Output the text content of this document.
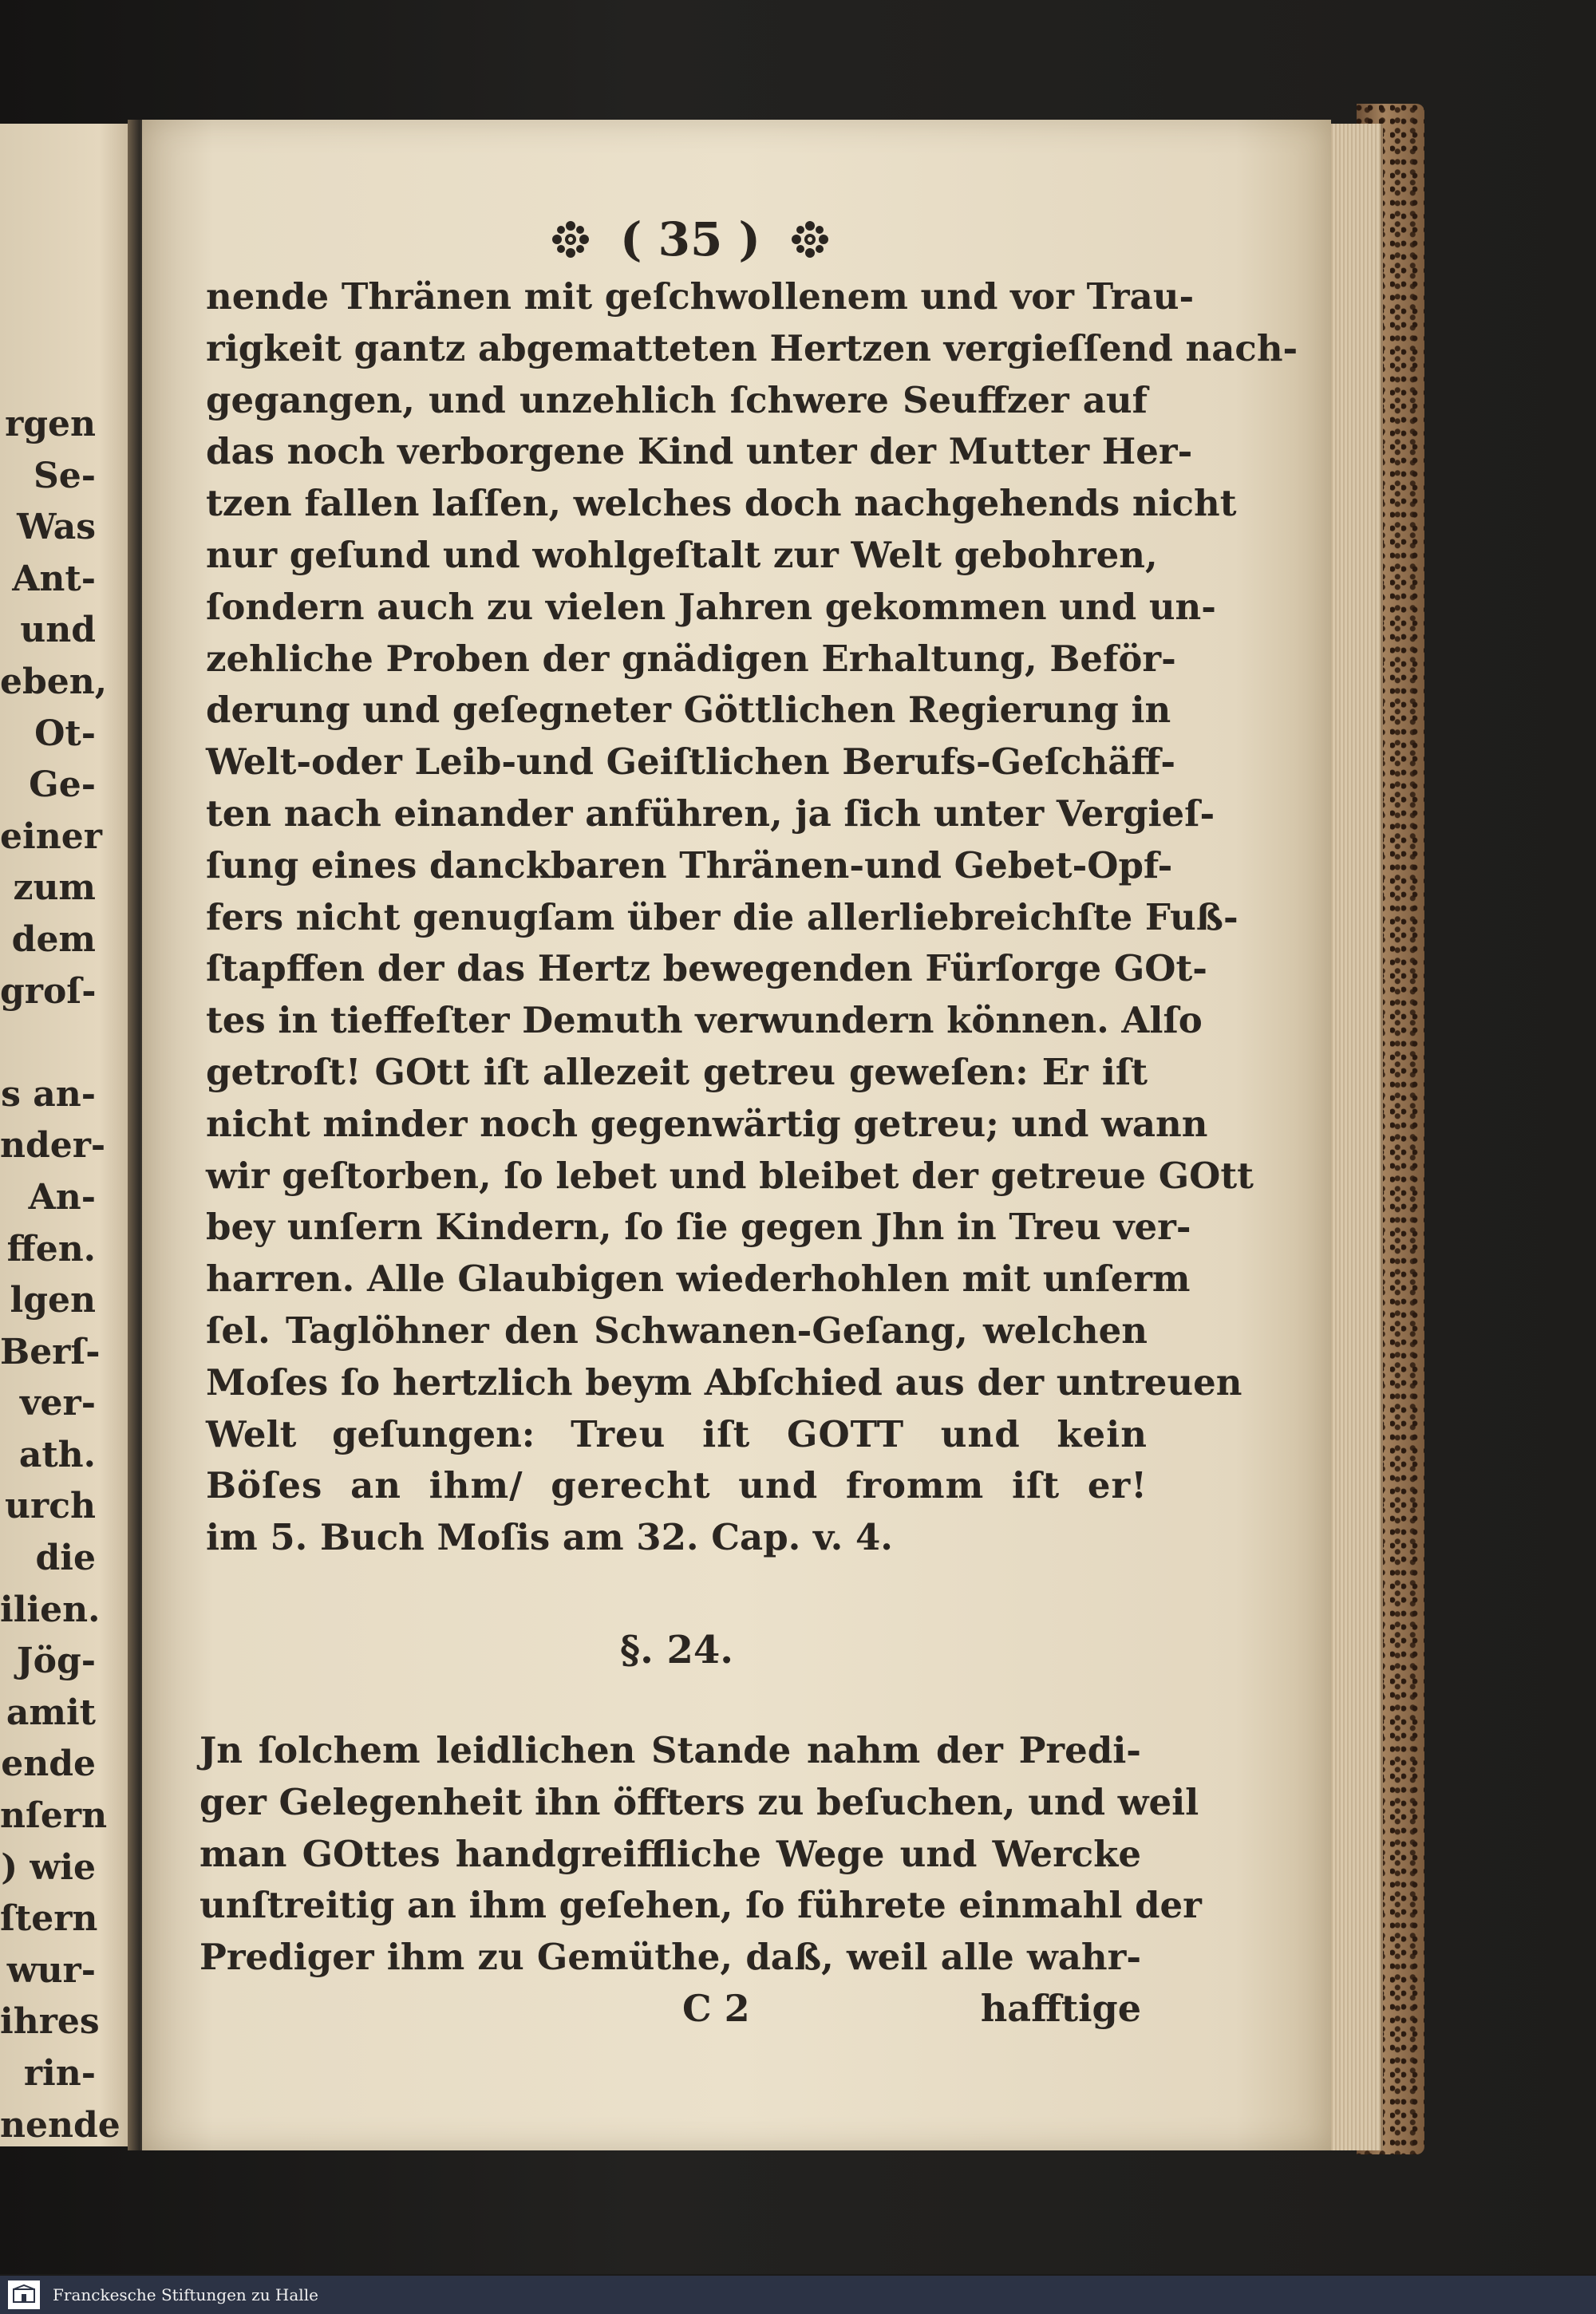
rgen
Se-
Was
Ant-
und
eben,
Ot-
Ge-
einer
zum
dem
groſ-
s an-
nder-
An-
ffen.
lgen
Berſ-
ver-
ath.
urch
die
ilien.
Jög-
amit
ende
nſern
) wie
ſtern
wur-
ihres
rin-
nende
( 35 )
nende Thränen mit geſchwollenem und vor Trau-
rigkeit gantz abgematteten Hertzen vergieſſend nach-
gegangen, und unzehlich ſchwere Seuffzer auf
das noch verborgene Kind unter der Mutter Her-
tzen fallen laſſen, welches doch nachgehends nicht
nur geſund und wohlgeſtalt zur Welt gebohren,
ſondern auch zu vielen Jahren gekommen und un-
zehliche Proben der gnädigen Erhaltung, Beför-
derung und geſegneter Göttlichen Regierung in
Welt-oder Leib-und Geiſtlichen Berufs-Geſchäff-
ten nach einander anführen, ja ſich unter Vergieſ-
ſung eines danckbaren Thränen-und Gebet-Opf-
fers nicht genugſam über die allerliebreichſte Fuß-
ſtapffen der das Hertz bewegenden Fürſorge GOt-
tes in tieffeſter Demuth verwundern können. Alſo
getroſt! GOtt iſt allezeit getreu geweſen: Er iſt
nicht minder noch gegenwärtig getreu; und wann
wir geſtorben, ſo lebet und bleibet der getreue GOtt
bey unſern Kindern, ſo ſie gegen Jhn in Treu ver-
harren. Alle Glaubigen wiederhohlen mit unſerm
ſel. Taglöhner den Schwanen-Geſang, welchen
Moſes ſo hertzlich beym Abſchied aus der untreuen
Welt geſungen: Treu iſt GOTT und kein
Böſes an ihm/ gerecht und fromm iſt er!
im 5. Buch Moſis am 32. Cap. v. 4.
§. 24.
Jn ſolchem leidlichen Stande nahm der Predi-
ger Gelegenheit ihn öffters zu beſuchen, und weil
man GOttes handgreiffliche Wege und Wercke
unſtreitig an ihm geſehen, ſo führete einmahl der
Prediger ihm zu Gemüthe, daß, weil alle wahr-
C 2	hafftige
Franckesche Stiftungen zu Halle
